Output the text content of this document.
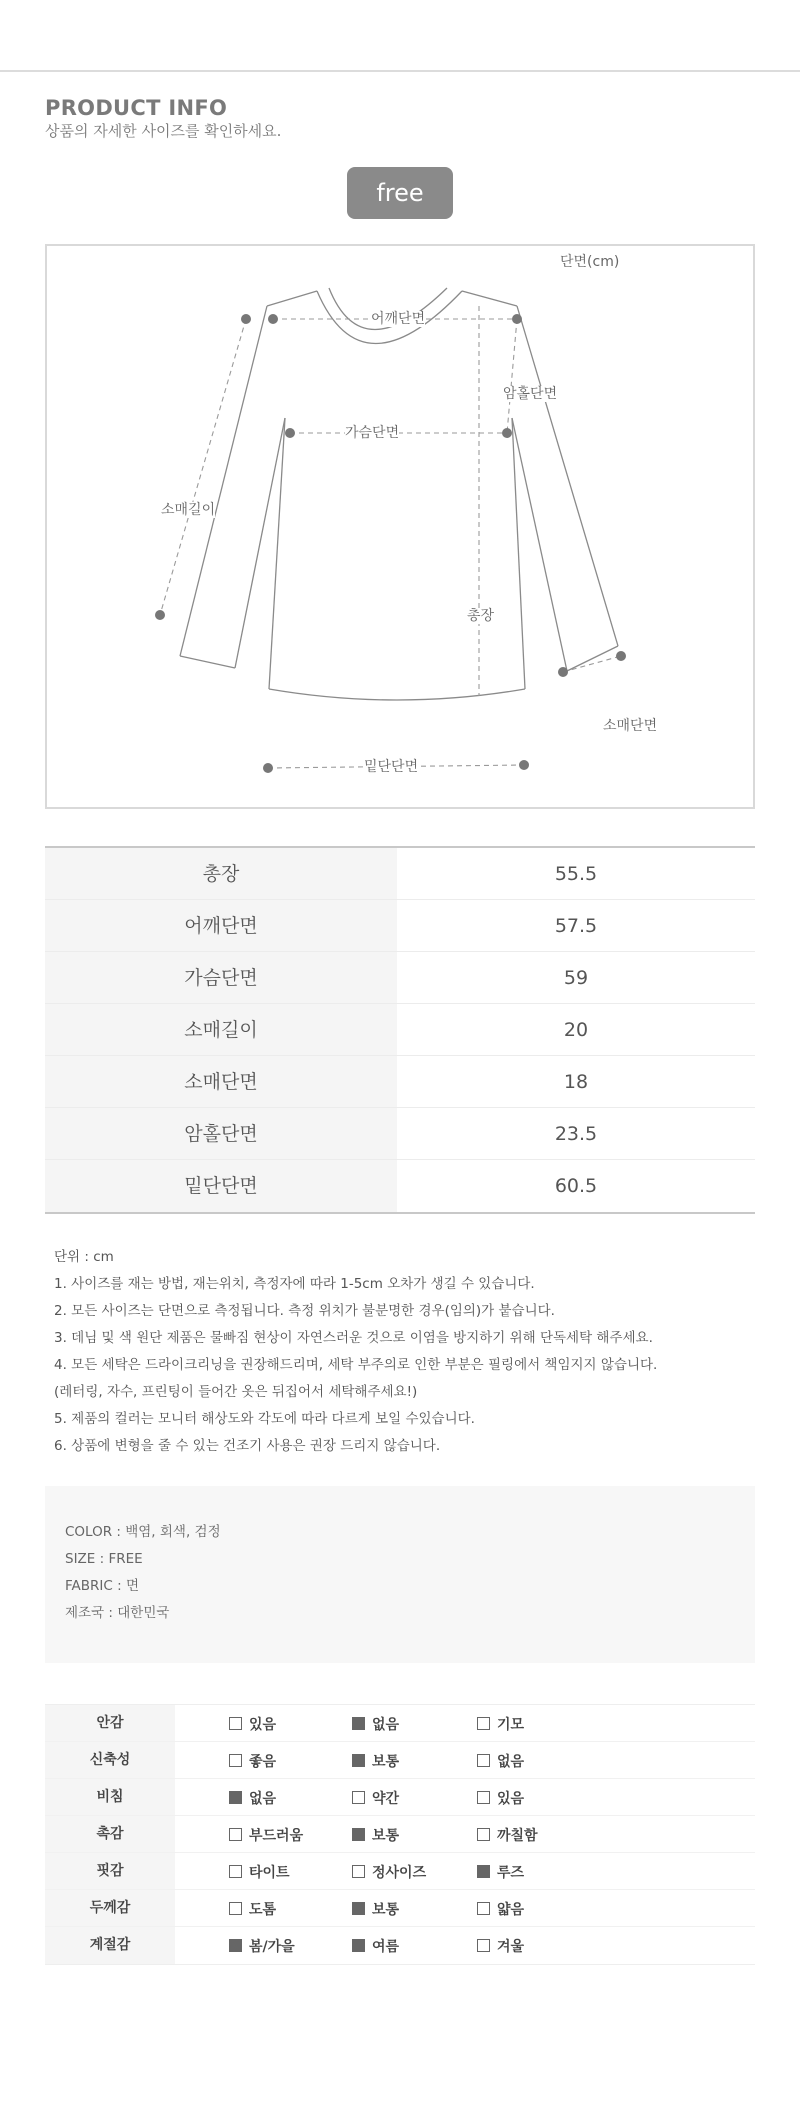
PRODUCT INFO
상품의 자세한 사이즈를 확인하세요.
free
단면(cm)
어깨단면
암홀단면
가슴단면
소매길이
총장
소매단면
밑단단면
총장	55.5
어깨단면	57.5
가슴단면	59
소매길이	20
소매단면	18
암홀단면	23.5
밑단단면	60.5
단위 : cm
1. 사이즈를 재는 방법, 재는위치, 측정자에 따라 1-5cm 오차가 생길 수 있습니다.
2. 모든 사이즈는 단면으로 측정됩니다. 측정 위치가 불분명한 경우(임의)가 붙습니다.
3. 데님 및 색 원단 제품은 물빠짐 현상이 자연스러운 것으로 이염을 방지하기 위해 단독세탁 해주세요.
4. 모든 세탁은 드라이크리닝을 권장해드리며, 세탁 부주의로 인한 부분은 필링에서 책임지지 않습니다.
(레터링, 자수, 프린팅이 들어간 옷은 뒤집어서 세탁해주세요!)
5. 제품의 컬러는 모니터 해상도와 각도에 따라 다르게 보일 수있습니다.
6. 상품에 변형을 줄 수 있는 건조기 사용은 권장 드리지 않습니다.
COLOR : 백염, 회색, 검정
SIZE : FREE
FABRIC : 면
제조국 : 대한민국
안감	있음	없음	기모
신축성	좋음	보통	없음
비침	없음	약간	있음
촉감	부드러움	보통	까칠함
핏감	타이트	정사이즈	루즈
두께감	도톰	보통	얇음
계절감	봄/가을	여름	겨울
